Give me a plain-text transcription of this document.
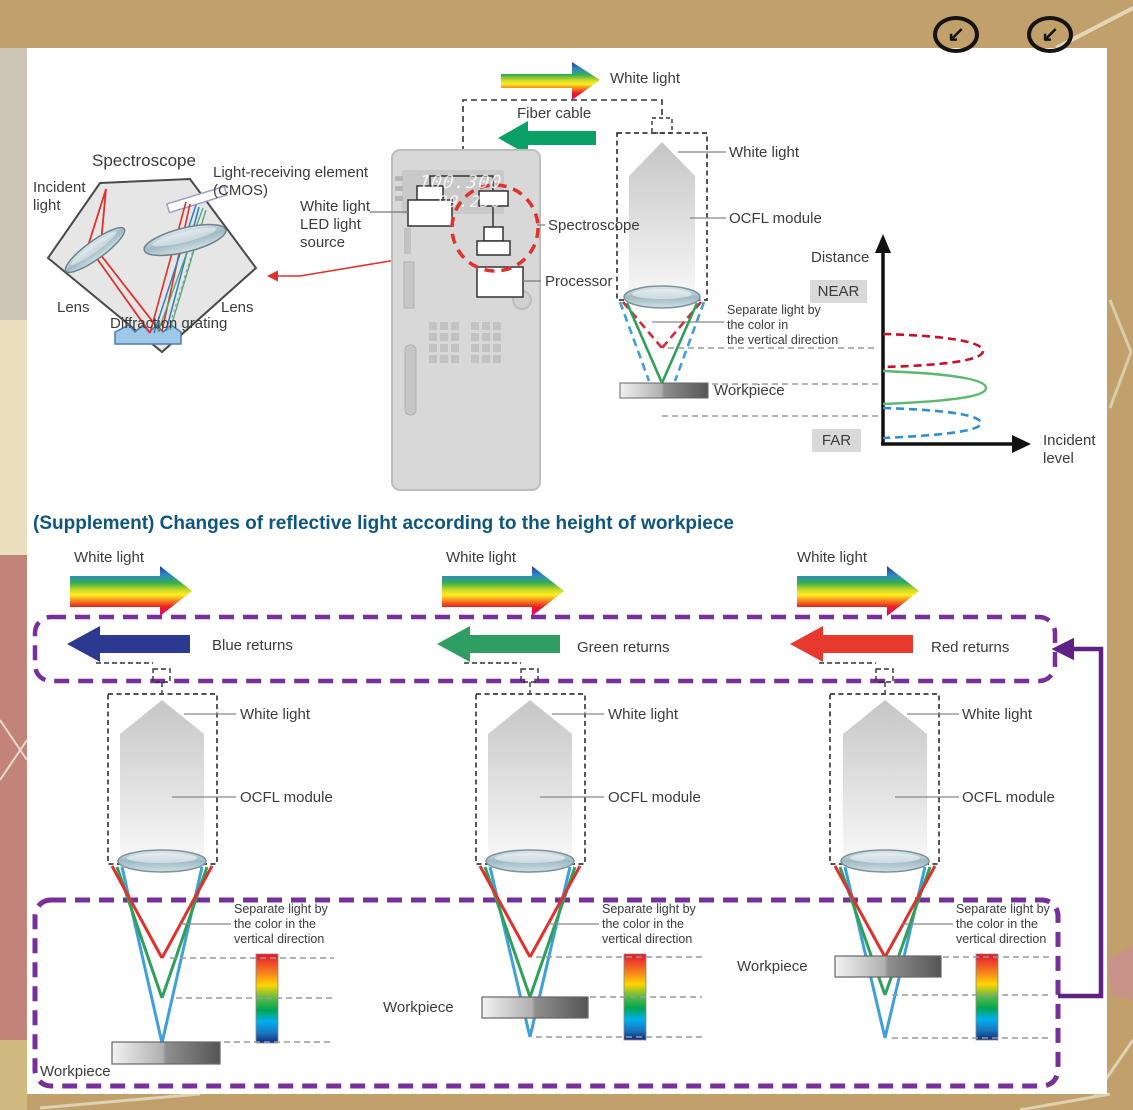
↙	↙
White light
Fiber cable
Spectroscope
Incident
light
Light-receiving element
(CMOS)
Lens	Lens
Diffraction grating
100.300
99.250
White light
LED light
source
Spectroscope
Processor
White light
OCFL module
Separate light by
the color in
the vertical direction
Workpiece
Distance
NEAR
FAR	Incident
level
(Supplement) Changes of reflective light according to the height of workpiece
White light	White light	White light
Blue returns	Green returns	Red returns
White light
OCFL module
White light
OCFL module
White light
OCFL module
Separate light by
the color in the
vertical direction
Separate light by
the color in the
vertical direction
Separate light by
the color in the
vertical direction
Workpiece
Workpiece
Workpiece
